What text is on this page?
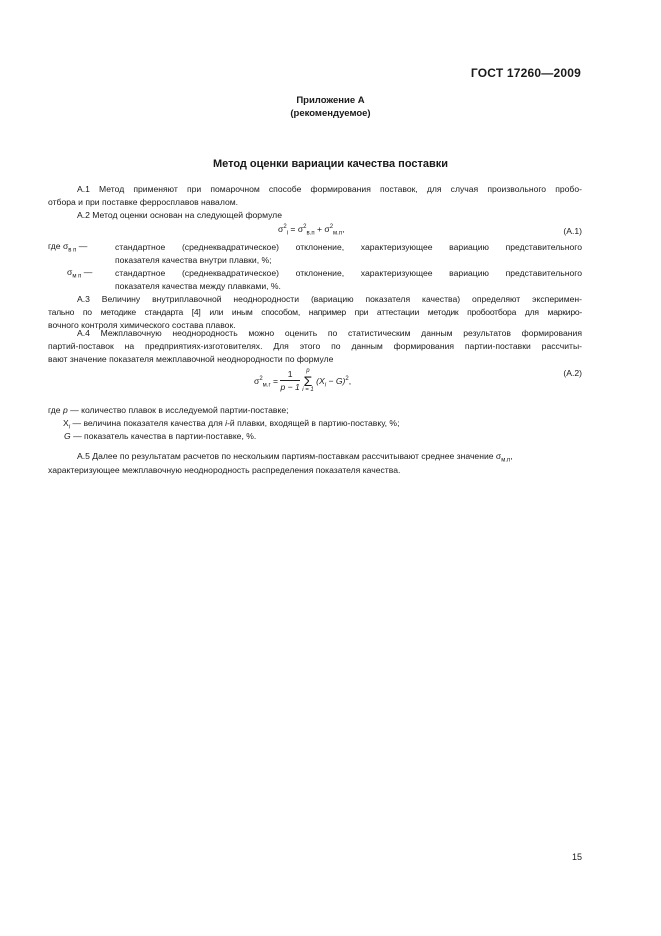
ГОСТ 17260—2009
Приложение А
(рекомендуемое)
Метод оценки вариации качества поставки
А.1 Метод применяют при помарочном способе формирования поставок, для случая произвольного пробо-
отбора и при поставке ферросплавов навалом.
А.2 Метод оценки основан на следующей формуле
$\sigma^2_i = \sigma^2_{в.п} + \sigma^2_{м.п}$,	(А.1)
где $\sigma_{в п}$ —	стандартное (среднеквадратическое) отклонение, характеризующее вариацию представительного
показателя качества внутри плавки, %;
$\sigma_{м п}$ —	стандартное (среднеквадратическое) отклонение, характеризующее вариацию представительного
показателя качества между плавками, %.
А.3 Величину внутриплавочной неоднородности (вариацию показателя качества) определяют эксперимен-
тально по методике стандарта [4] или иным способом, например при аттестации методик пробоотбора для маркиро-
вочного контроля химического состава плавок.
А.4 Межплавочную неоднородность можно оценить по статистическим данным результатов формирования
партий-поставок на предприятиях-изготовителях. Для этого по данным формирования партии-поставки рассчиты-
вают значение показателя межплавочной неоднородности по формуле
$\sigma^2_{м.г} = \frac{1}{p - 1}$ p
Σ
i = 1 $(X_i - G)^2$,
(А.2)
где p — количество плавок в исследуемой партии-поставке;
$X_i$ — величина показателя качества для i-й плавки, входящей в партию-поставку, %;
G — показатель качества в партии-поставке, %.
А.5 Далее по результатам расчетов по нескольким партиям-поставкам рассчитывают среднее значение $\sigma_{м.п}$,
характеризующее межплавочную неоднородность распределения показателя качества.
15
